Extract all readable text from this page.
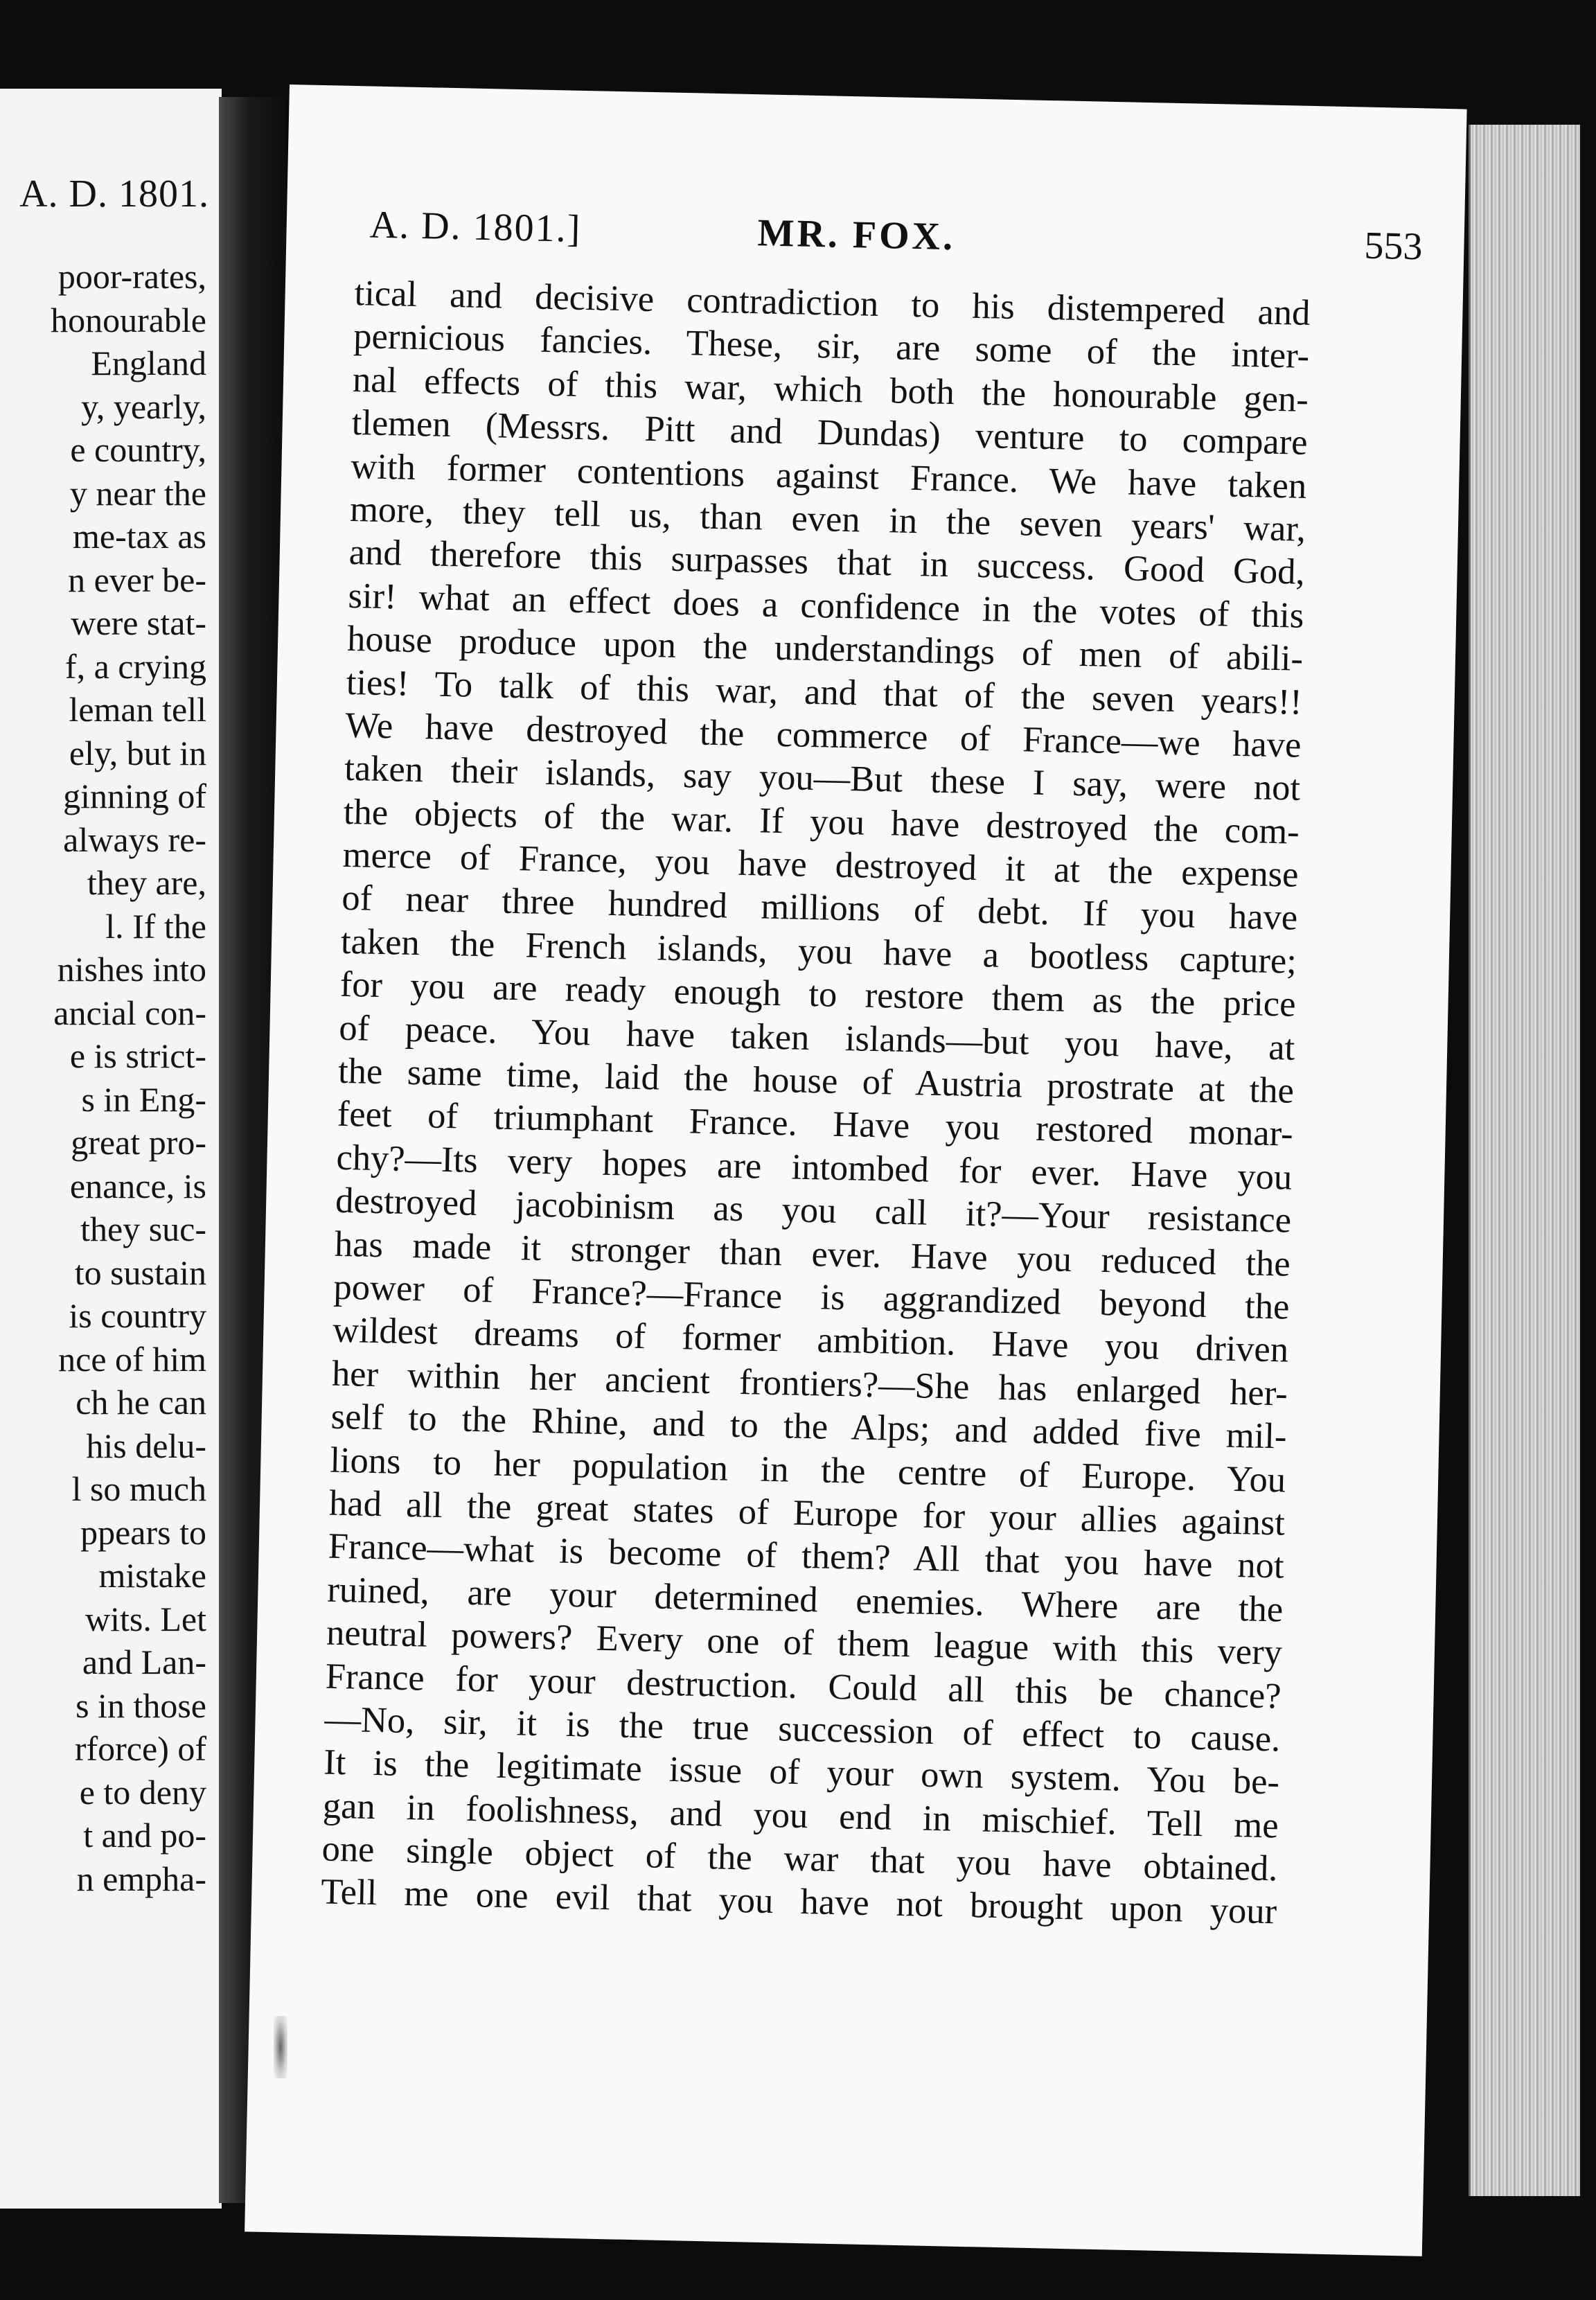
A. D. 1801.
poor-rates,
honourable
England
y, yearly,
e country,
y near the
me-tax as
n ever be-
were stat-
f, a crying
leman tell
ely, but in
ginning of
always re-
they are,
l. If the
nishes into
ancial con-
e is strict-
s in Eng-
great pro-
enance, is
they suc-
to sustain
is country
nce of him
ch he can
his delu-
l so much
ppears to
mistake
wits. Let
and Lan-
s in those
rforce) of
e to deny
t and po-
n empha-
A. D. 1801.]	MR. FOX.	553
tical and decisive contradiction to his distempered and
pernicious fancies. These, sir, are some of the inter-
nal effects of this war, which both the honourable gen-
tlemen (Messrs. Pitt and Dundas) venture to compare
with former contentions against France. We have taken
more, they tell us, than even in the seven years' war,
and therefore this surpasses that in success. Good God,
sir! what an effect does a confidence in the votes of this
house produce upon the understandings of men of abili-
ties! To talk of this war, and that of the seven years!!
We have destroyed the commerce of France—we have
taken their islands, say you—But these I say, were not
the objects of the war. If you have destroyed the com-
merce of France, you have destroyed it at the expense
of near three hundred millions of debt. If you have
taken the French islands, you have a bootless capture;
for you are ready enough to restore them as the price
of peace. You have taken islands—but you have, at
the same time, laid the house of Austria prostrate at the
feet of triumphant France. Have you restored monar-
chy?—Its very hopes are intombed for ever. Have you
destroyed jacobinism as you call it?—Your resistance
has made it stronger than ever. Have you reduced the
power of France?—France is aggrandized beyond the
wildest dreams of former ambition. Have you driven
her within her ancient frontiers?—She has enlarged her-
self to the Rhine, and to the Alps; and added five mil-
lions to her population in the centre of Europe. You
had all the great states of Europe for your allies against
France—what is become of them? All that you have not
ruined, are your determined enemies. Where are the
neutral powers? Every one of them league with this very
France for your destruction. Could all this be chance?
—No, sir, it is the true succession of effect to cause.
It is the legitimate issue of your own system. You be-
gan in foolishness, and you end in mischief. Tell me
one single object of the war that you have obtained.
Tell me one evil that you have not brought upon your
